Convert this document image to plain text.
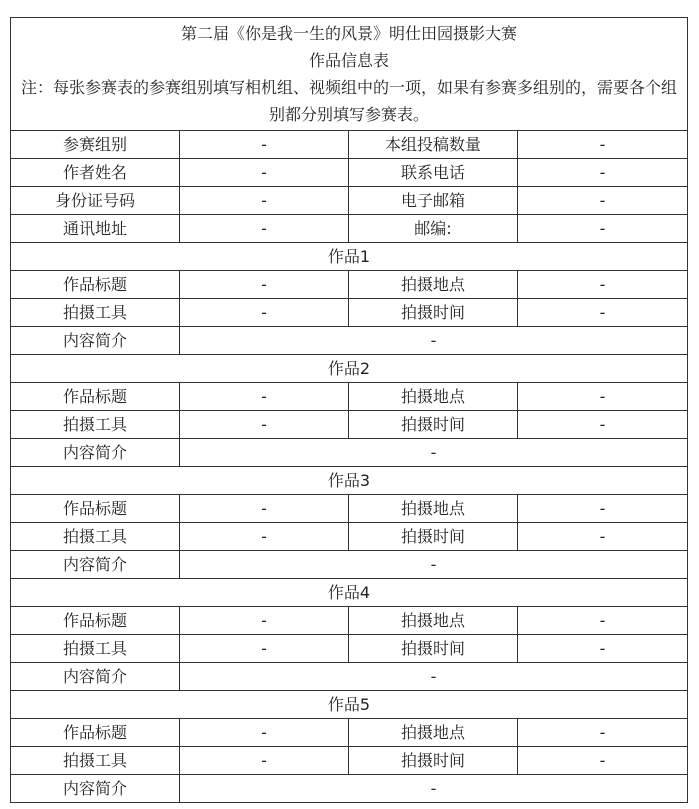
第二届《你是我一生的风景》明仕田园摄影大赛
作品信息表
注：每张参赛表的参赛组别填写相机组、视频组中的一项，如果有参赛多组别的，需要各个组别都分别填写参赛表。			

参赛组别	-	本组投稿数量	-
作者姓名	-	联系电话	-
身份证号码	-	电子邮箱	-
通讯地址	-	邮编:	-
作品1			
作品标题	-	拍摄地点	-
拍摄工具	-	拍摄时间	-
内容简介	-		
作品2			
作品标题	-	拍摄地点	-
拍摄工具	-	拍摄时间	-
内容简介	-		
作品3			
作品标题	-	拍摄地点	-
拍摄工具	-	拍摄时间	-
内容简介	-		
作品4			
作品标题	-	拍摄地点	-
拍摄工具	-	拍摄时间	-
内容简介	-		
作品5			
作品标题	-	拍摄地点	-
拍摄工具	-	拍摄时间	-
内容简介	-		
